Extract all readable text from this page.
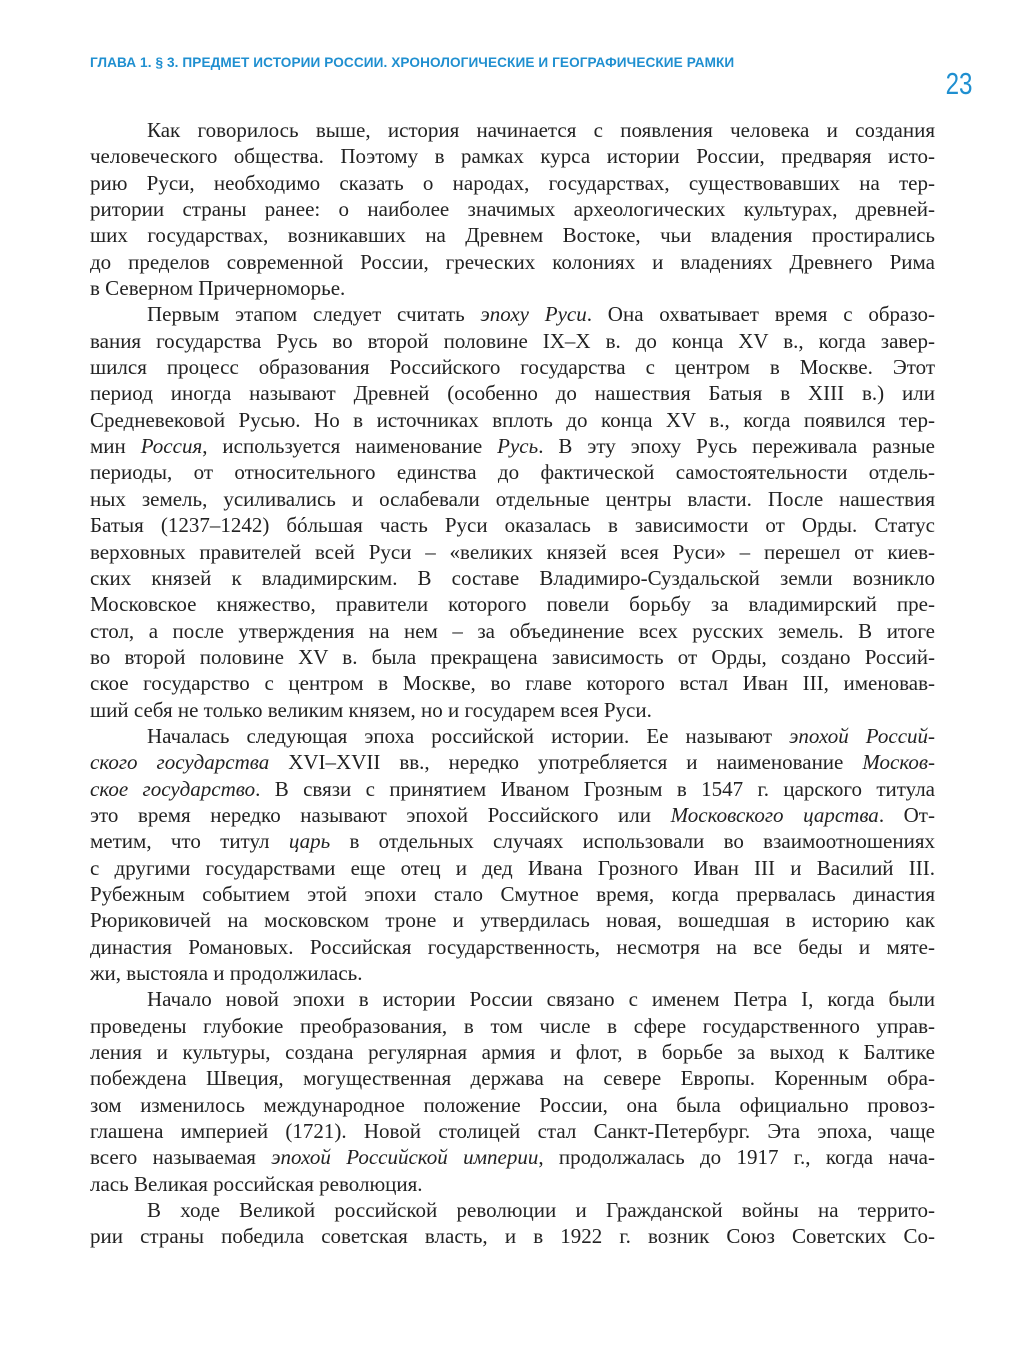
ГЛАВА 1. § 3. ПРЕДМЕТ ИСТОРИИ РОССИИ. ХРОНОЛОГИЧЕСКИЕ И ГЕОГРАФИЧЕСКИЕ РАМКИ
23
Как говорилось выше, история начинается с появления человека и создания
человеческого общества. Поэтому в рамках курса истории России, предваряя исто-
рию Руси, необходимо сказать о народах, государствах, существовавших на тер-
ритории страны ранее: о наиболее значимых археологических культурах, древней-
ших государствах, возникавших на Древнем Востоке, чьи владения простирались
до пределов современной России, греческих колониях и владениях Древнего Рима
в Северном Причерноморье.
Первым этапом следует считать эпоху Руси. Она охватывает время с образо-
вания государства Русь во второй половине IX–X в. до конца XV в., когда завер-
шился процесс образования Российского государства с центром в Москве. Этот
период иногда называют Древней (особенно до нашествия Батыя в XIII в.) или
Средневековой Русью. Но в источниках вплоть до конца XV в., когда появился тер-
мин Россия, используется наименование Русь. В эту эпоху Русь переживала разные
периоды, от относительного единства до фактической самостоятельности отдель-
ных земель, усиливались и ослабевали отдельные центры власти. После нашествия
Батыя (1237–1242) бóльшая часть Руси оказалась в зависимости от Орды. Статус
верховных правителей всей Руси – «великих князей всея Руси» – перешел от киев-
ских князей к владимирским. В составе Владимиро-Суздальской земли возникло
Московское княжество, правители которого повели борьбу за владимирский пре-
стол, а после утверждения на нем – за объединение всех русских земель. В итоге
во второй половине XV в. была прекращена зависимость от Орды, создано Россий-
ское государство с центром в Москве, во главе которого встал Иван III, именовав-
ший себя не только великим князем, но и государем всея Руси.
Началась следующая эпоха российской истории. Ее называют эпохой Россий-
ского государства XVI–XVII вв., нередко употребляется и наименование Москов-
ское государство. В связи с принятием Иваном Грозным в 1547 г. царского титула
это время нередко называют эпохой Российского или Московского царства. От-
метим, что титул царь в отдельных случаях использовали во взаимоотношениях
с другими государствами еще отец и дед Ивана Грозного Иван III и Василий III.
Рубежным событием этой эпохи стало Смутное время, когда прервалась династия
Рюриковичей на московском троне и утвердилась новая, вошедшая в историю как
династия Романовых. Российская государственность, несмотря на все беды и мяте-
жи, выстояла и продолжилась.
Начало новой эпохи в истории России связано с именем Петра I, когда были
проведены глубокие преобразования, в том числе в сфере государственного управ-
ления и культуры, создана регулярная армия и флот, в борьбе за выход к Балтике
побеждена Швеция, могущественная держава на севере Европы. Коренным обра-
зом изменилось международное положение России, она была официально провоз-
глашена империей (1721). Новой столицей стал Санкт-Петербург. Эта эпоха, чаще
всего называемая эпохой Российской империи, продолжалась до 1917 г., когда нача-
лась Великая российская революция.
В ходе Великой российской революции и Гражданской войны на террито-
рии страны победила советская власть, и в 1922 г. возник Союз Советских Со-
